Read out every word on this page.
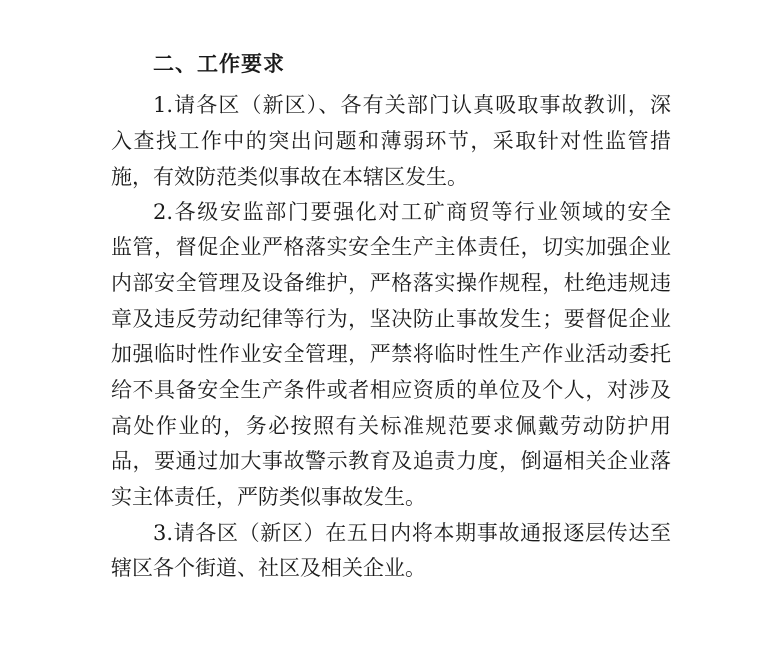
二、工作要求
1.请各区（新区）、各有关部门认真吸取事故教训，深
入查找工作中的突出问题和薄弱环节，采取针对性监管措
施，有效防范类似事故在本辖区发生。
2.各级安监部门要强化对工矿商贸等行业领域的安全
监管，督促企业严格落实安全生产主体责任，切实加强企业
内部安全管理及设备维护，严格落实操作规程，杜绝违规违
章及违反劳动纪律等行为，坚决防止事故发生；要督促企业
加强临时性作业安全管理，严禁将临时性生产作业活动委托
给不具备安全生产条件或者相应资质的单位及个人，对涉及
高处作业的，务必按照有关标准规范要求佩戴劳动防护用
品，要通过加大事故警示教育及追责力度，倒逼相关企业落
实主体责任，严防类似事故发生。
3.请各区（新区）在五日内将本期事故通报逐层传达至
辖区各个街道、社区及相关企业。
